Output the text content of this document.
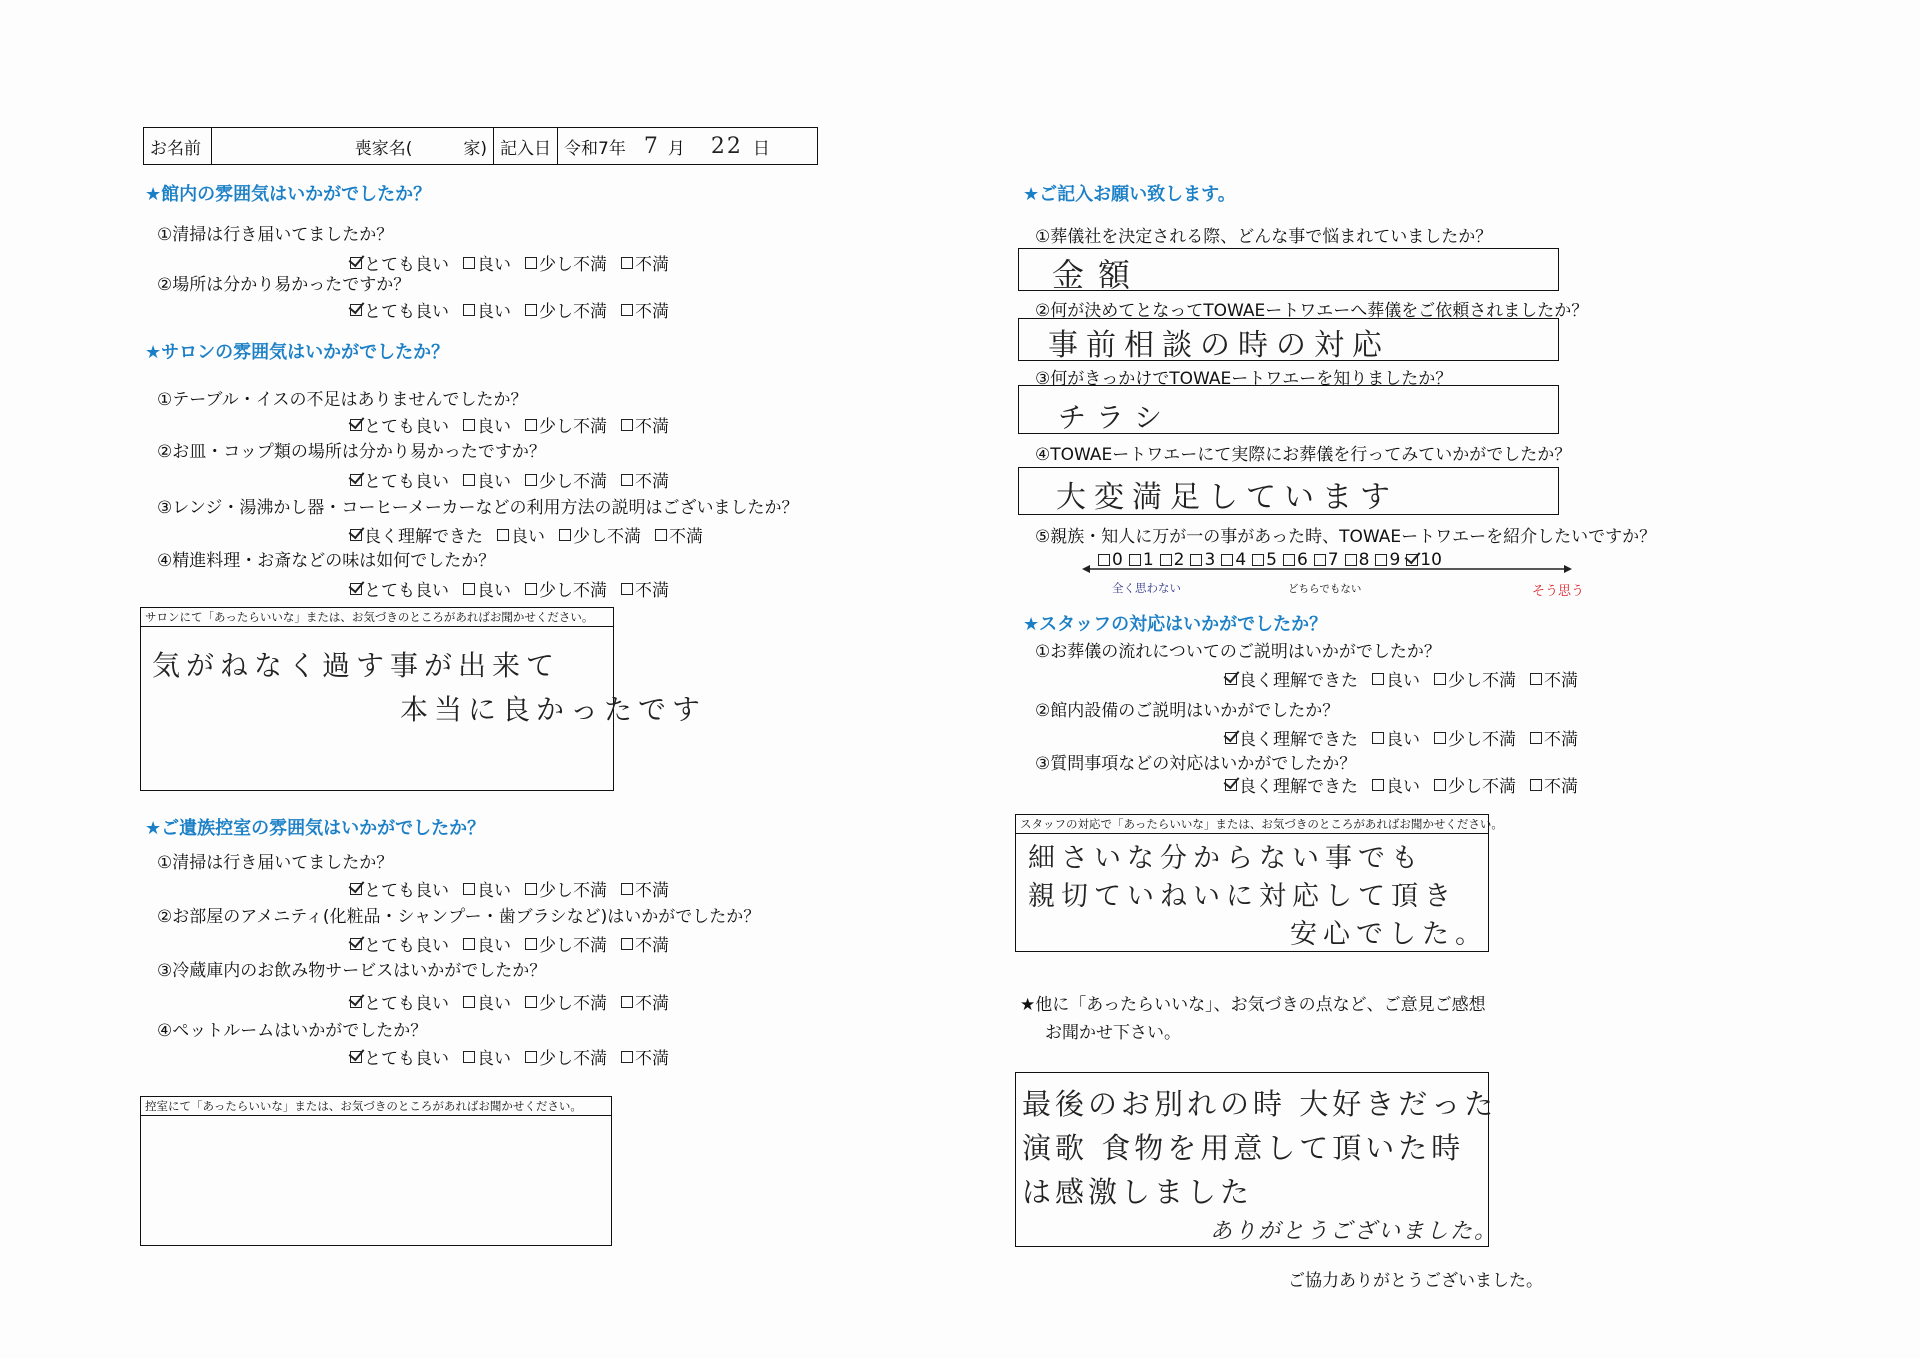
お名前	喪家名(　　　家) 記入日 令和7年 7 月 22 日
★館内の雰囲気はいかがでしたか？
①清掃は行き届いてましたか？
とても良い 良い 少し不満 不満
②場所は分かり易かったですか？
とても良い 良い 少し不満 不満
★サロンの雰囲気はいかがでしたか？
①テーブル・イスの不足はありませんでしたか？
とても良い 良い 少し不満 不満
②お皿・コップ類の場所は分かり易かったですか？
とても良い 良い 少し不満 不満
③レンジ・湯沸かし器・コーヒーメーカーなどの利用方法の説明はございましたか？
良く理解できた 良い 少し不満 不満
④精進料理・お斎などの味は如何でしたか？
とても良い 良い 少し不満 不満
サロンにて「あったらいいな」または、お気づきのところがあればお聞かせください。
気がねなく過す事が出来て
本当に良かったです
★ご遺族控室の雰囲気はいかがでしたか？
①清掃は行き届いてましたか？
とても良い 良い 少し不満 不満
②お部屋のアメニティ(化粧品・シャンプー・歯ブラシなど)はいかがでしたか？
とても良い 良い 少し不満 不満
③冷蔵庫内のお飲み物サービスはいかがでしたか？
とても良い 良い 少し不満 不満
④ペットルームはいかがでしたか？
とても良い 良い 少し不満 不満
控室にて「あったらいいな」または、お気づきのところがあればお聞かせください。
★ご記入お願い致します。
①葬儀社を決定される際、どんな事で悩まれていましたか？
金額
②何が決めてとなってTOWAEートワエーへ葬儀をご依頼されましたか？
事前相談の時の対応
③何がきっかけでTOWAEートワエーを知りましたか？
チラシ
④TOWAEートワエーにて実際にお葬儀を行ってみていかがでしたか？
大変満足しています
⑤親族・知人に万が一の事があった時、TOWAEートワエーを紹介したいですか？
0 1 2 3 4 5 6 7 8 9 10
全く思わない	どちらでもない	そう思う
★スタッフの対応はいかがでしたか？
①お葬儀の流れについてのご説明はいかがでしたか？
良く理解できた 良い 少し不満 不満
②館内設備のご説明はいかがでしたか？
良く理解できた 良い 少し不満 不満
③質問事項などの対応はいかがでしたか？
良く理解できた 良い 少し不満 不満
スタッフの対応で「あったらいいな」または、お気づきのところがあればお聞かせください。
細さいな分からない事でも
親切ていねいに対応して頂き
安心でした。
★他に「あったらいいな」、お気づきの点など、ご意見ご感想
お聞かせ下さい。
最後のお別れの時 大好きだった
演歌 食物を用意して頂いた時
は感激しました
ありがとうございました。
ご協力ありがとうございました。
